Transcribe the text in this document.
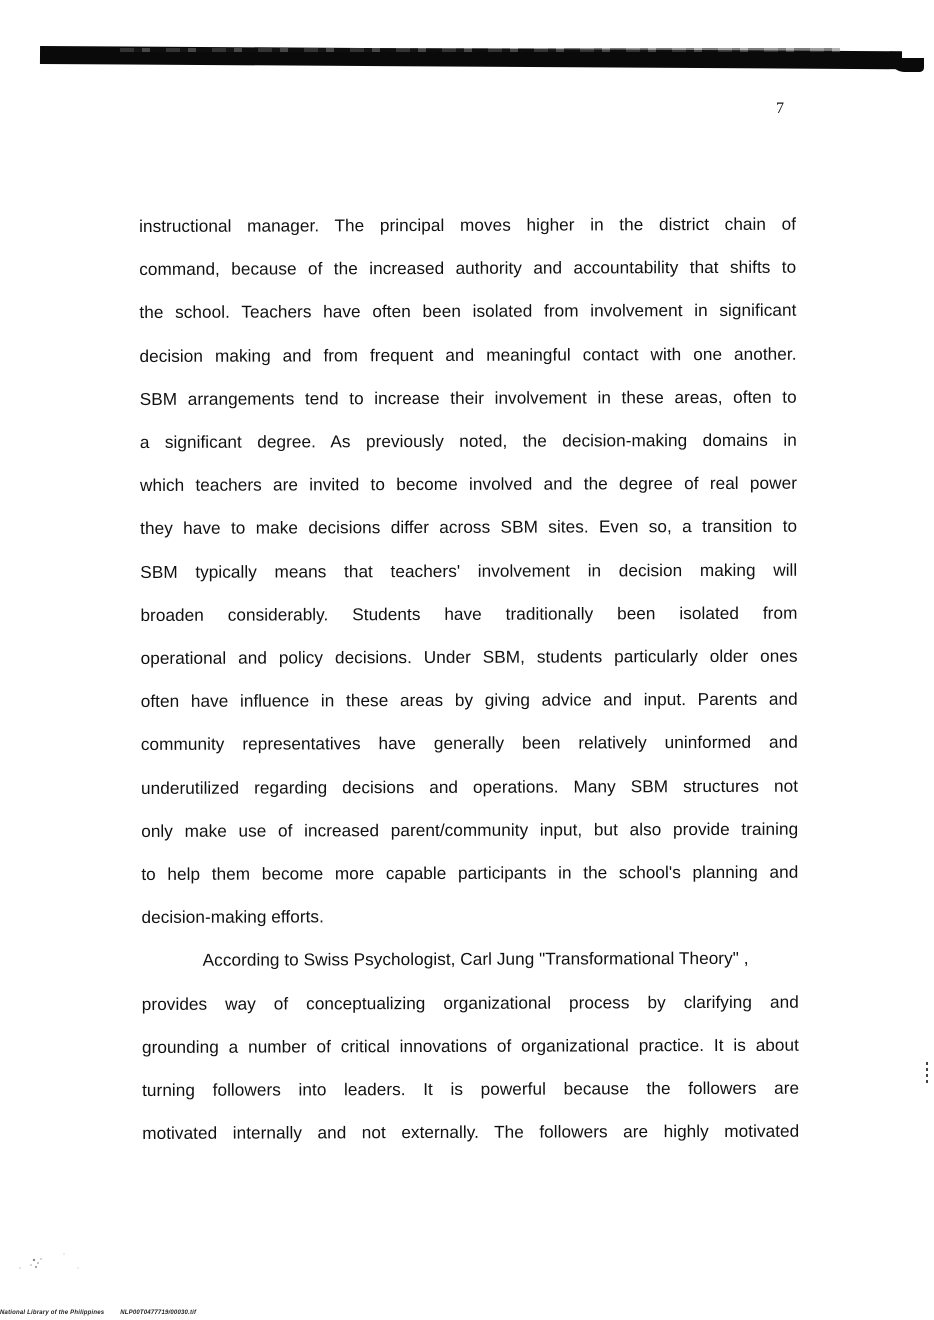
7
instructional manager. The principal moves higher in the district chain of
command, because of the increased authority and accountability that shifts to
the school. Teachers have often been isolated from involvement in significant
decision making and from frequent and meaningful contact with one another.
SBM arrangements tend to increase their involvement in these areas, often to
a significant degree. As previously noted, the decision-making domains in
which teachers are invited to become involved and the degree of real power
they have to make decisions differ across SBM sites. Even so, a transition to
SBM typically means that teachers' involvement in decision making will
broaden considerably. Students have traditionally been isolated from
operational and policy decisions. Under SBM, students particularly older ones
often have influence in these areas by giving advice and input. Parents and
community representatives have generally been relatively uninformed and
underutilized regarding decisions and operations. Many SBM structures not
only make use of increased parent/community input, but also provide training
to help them become more capable participants in the school's planning and
decision-making efforts.
According to Swiss Psychologist, Carl Jung "Transformational Theory" ,
provides way of conceptualizing organizational process by clarifying and
grounding a number of critical innovations of organizational practice. It is about
turning followers into leaders. It is powerful because the followers are
motivated internally and not externally. The followers are highly motivated
National Library of the Philippines	NLP00T0477719/00030.tif
